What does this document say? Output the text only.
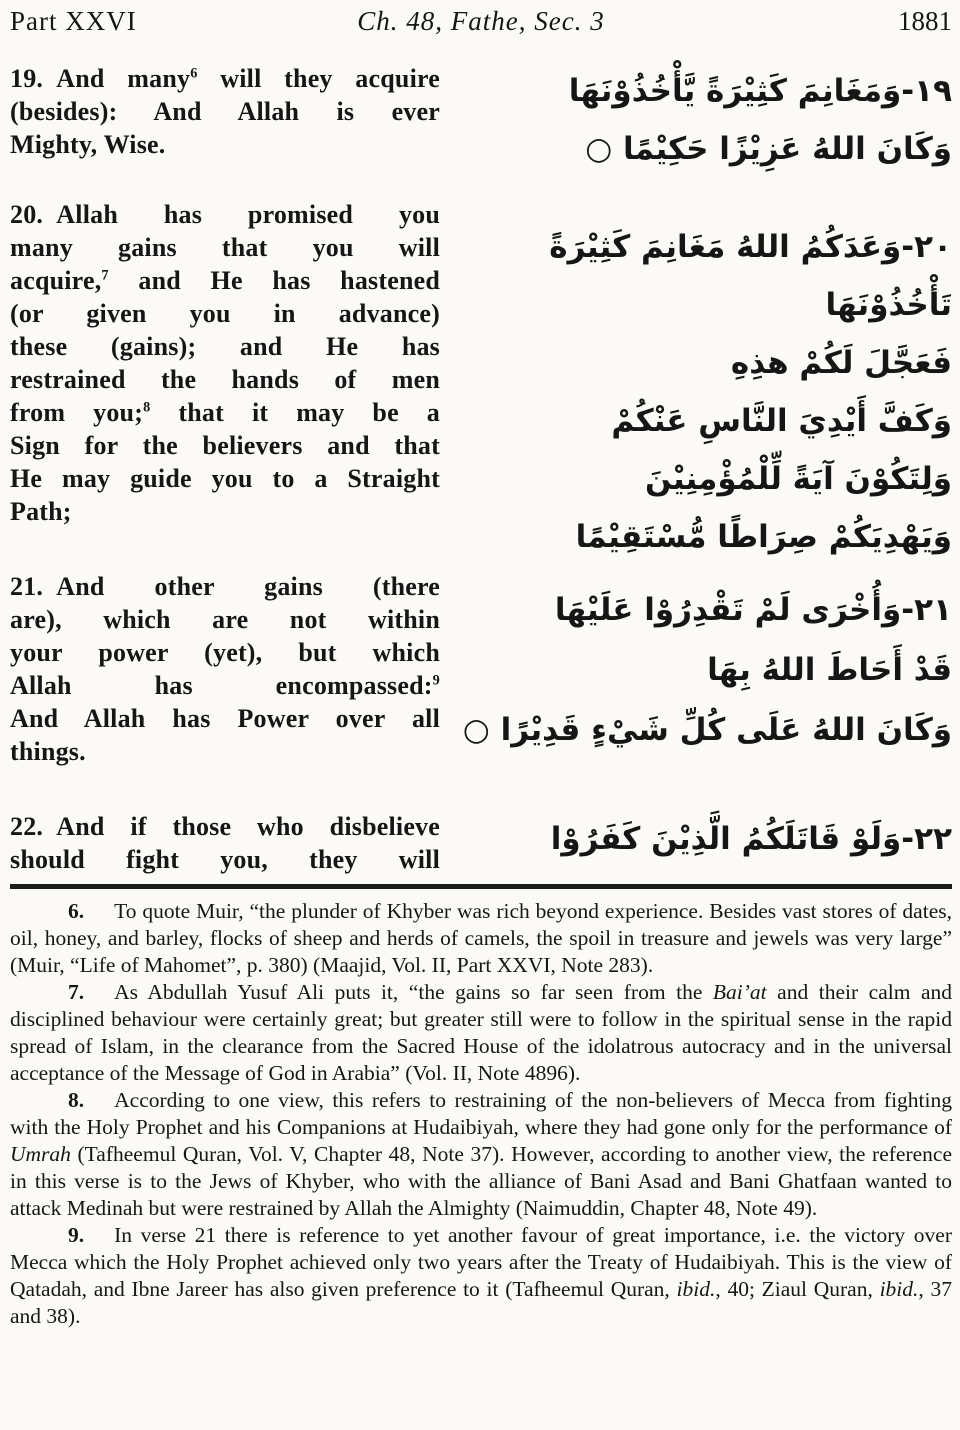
Part XXVI	Ch. 48, Fathe, Sec. 3	1881
19. And many$^6$ will they acquire
(besides): And Allah is ever
Mighty, Wise.
١٩-وَمَغَانِمَ كَثِيْرَةً يَّأْخُذُوْنَهَا
وَكَانَ اللهُ عَزِيْزًا حَكِيْمًا ○
20. Allah has promised you
many gains that you will
acquire,$^7$ and He has hastened
(or given you in advance)
these (gains); and He has
restrained the hands of men
from you;$^8$ that it may be a
Sign for the believers and that
He may guide you to a Straight
Path;
٢٠-وَعَدَكُمُ اللهُ مَغَانِمَ كَثِيْرَةً تَأْخُذُوْنَهَا
فَعَجَّلَ لَكُمْ هذِهِ
وَكَفَّ أَيْدِيَ النَّاسِ عَنْكُمْ
وَلِتَكُوْنَ آيَةً لِّلْمُؤْمِنِيْنَ
وَيَهْدِيَكُمْ صِرَاطًا مُّسْتَقِيْمًا
21. And other gains (there
are), which are not within
your power (yet), but which
Allah has encompassed:$^9$
And Allah has Power over all
things.
٢١-وَأُخْرَى لَمْ تَقْدِرُوْا عَلَيْهَا
قَدْ أَحَاطَ اللهُ بِهَا
وَكَانَ اللهُ عَلَى كُلِّ شَيْءٍ قَدِيْرًا ○
22. And if those who disbelieve
should fight you, they will
٢٢-وَلَوْ قَاتَلَكُمُ الَّذِيْنَ كَفَرُوْا

6. To quote Muir, “the plunder of Khyber was rich beyond experience. Besides vast stores of dates, oil, honey, and barley, flocks of sheep and herds of camels, the spoil in treasure and jewels was very large” (Muir, “Life of Mahomet”, p. 380) (Maajid, Vol. II, Part XXVI, Note 283).

7. As Abdullah Yusuf Ali puts it, “the gains so far seen from the Bai’at and their calm and disciplined behaviour were certainly great; but greater still were to follow in the spiritual sense in the rapid spread of Islam, in the clearance from the Sacred House of the idolatrous autocracy and in the universal acceptance of the Message of God in Arabia” (Vol. II, Note 4896).

8. According to one view, this refers to restraining of the non-believers of Mecca from fighting with the Holy Prophet and his Companions at Hudaibiyah, where they had gone only for the performance of Umrah (Tafheemul Quran, Vol. V, Chapter 48, Note 37). However, according to another view, the reference in this verse is to the Jews of Khyber, who with the alliance of Bani Asad and Bani Ghatfaan wanted to attack Medinah but were restrained by Allah the Almighty (Naimuddin, Chapter 48, Note 49).

9. In verse 21 there is reference to yet another favour of great importance, i.e. the victory over Mecca which the Holy Prophet achieved only two years after the Treaty of Hudaibiyah. This is the view of Qatadah, and Ibne Jareer has also given preference to it (Tafheemul Quran, ibid., 40; Ziaul Quran, ibid., 37 and 38).
